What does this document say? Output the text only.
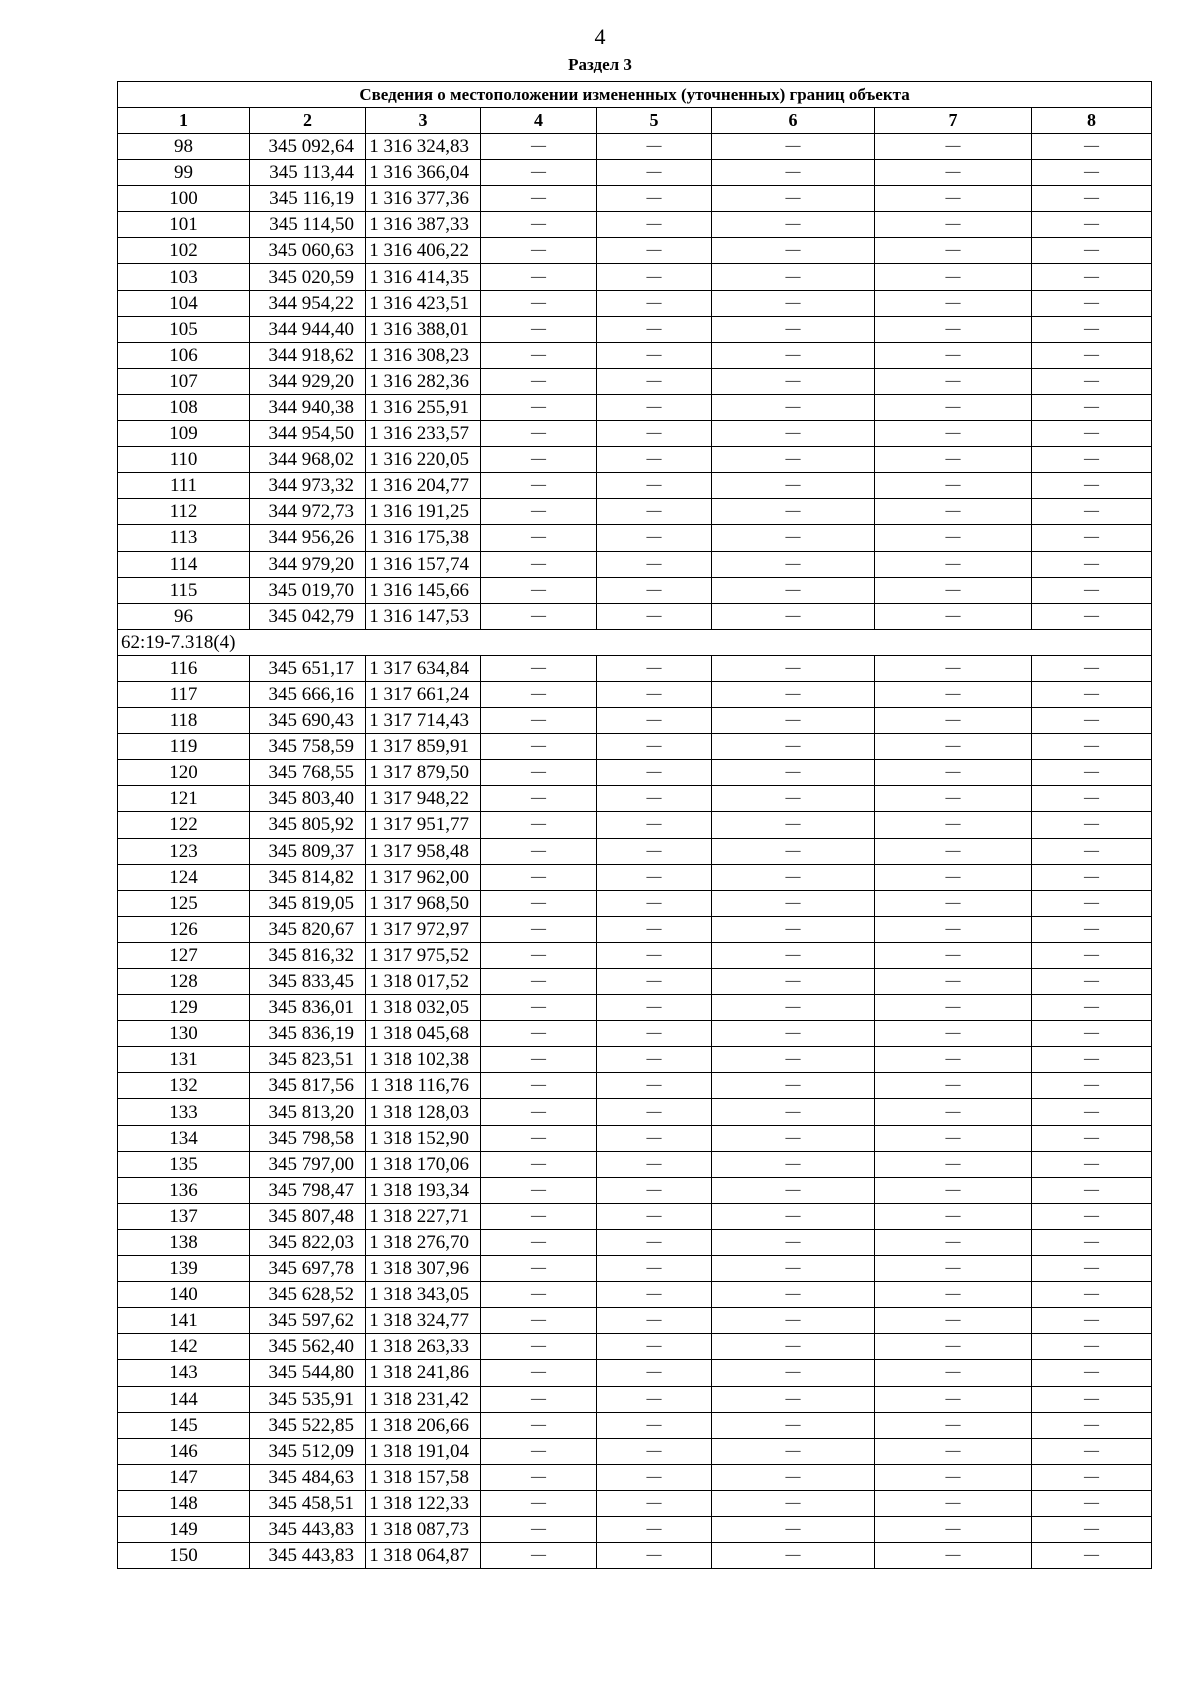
4
Раздел 3
Сведения о местоположении измененных (уточненных) границ объекта							
1	2	3	4	5	6	7	8
98	345 092,64	1 316 324,83	—	—	—	—	—
99	345 113,44	1 316 366,04	—	—	—	—	—
100	345 116,19	1 316 377,36	—	—	—	—	—
101	345 114,50	1 316 387,33	—	—	—	—	—
102	345 060,63	1 316 406,22	—	—	—	—	—
103	345 020,59	1 316 414,35	—	—	—	—	—
104	344 954,22	1 316 423,51	—	—	—	—	—
105	344 944,40	1 316 388,01	—	—	—	—	—
106	344 918,62	1 316 308,23	—	—	—	—	—
107	344 929,20	1 316 282,36	—	—	—	—	—
108	344 940,38	1 316 255,91	—	—	—	—	—
109	344 954,50	1 316 233,57	—	—	—	—	—
110	344 968,02	1 316 220,05	—	—	—	—	—
111	344 973,32	1 316 204,77	—	—	—	—	—
112	344 972,73	1 316 191,25	—	—	—	—	—
113	344 956,26	1 316 175,38	—	—	—	—	—
114	344 979,20	1 316 157,74	—	—	—	—	—
115	345 019,70	1 316 145,66	—	—	—	—	—
96	345 042,79	1 316 147,53	—	—	—	—	—
62:19-7.318(4)							
116	345 651,17	1 317 634,84	—	—	—	—	—
117	345 666,16	1 317 661,24	—	—	—	—	—
118	345 690,43	1 317 714,43	—	—	—	—	—
119	345 758,59	1 317 859,91	—	—	—	—	—
120	345 768,55	1 317 879,50	—	—	—	—	—
121	345 803,40	1 317 948,22	—	—	—	—	—
122	345 805,92	1 317 951,77	—	—	—	—	—
123	345 809,37	1 317 958,48	—	—	—	—	—
124	345 814,82	1 317 962,00	—	—	—	—	—
125	345 819,05	1 317 968,50	—	—	—	—	—
126	345 820,67	1 317 972,97	—	—	—	—	—
127	345 816,32	1 317 975,52	—	—	—	—	—
128	345 833,45	1 318 017,52	—	—	—	—	—
129	345 836,01	1 318 032,05	—	—	—	—	—
130	345 836,19	1 318 045,68	—	—	—	—	—
131	345 823,51	1 318 102,38	—	—	—	—	—
132	345 817,56	1 318 116,76	—	—	—	—	—
133	345 813,20	1 318 128,03	—	—	—	—	—
134	345 798,58	1 318 152,90	—	—	—	—	—
135	345 797,00	1 318 170,06	—	—	—	—	—
136	345 798,47	1 318 193,34	—	—	—	—	—
137	345 807,48	1 318 227,71	—	—	—	—	—
138	345 822,03	1 318 276,70	—	—	—	—	—
139	345 697,78	1 318 307,96	—	—	—	—	—
140	345 628,52	1 318 343,05	—	—	—	—	—
141	345 597,62	1 318 324,77	—	—	—	—	—
142	345 562,40	1 318 263,33	—	—	—	—	—
143	345 544,80	1 318 241,86	—	—	—	—	—
144	345 535,91	1 318 231,42	—	—	—	—	—
145	345 522,85	1 318 206,66	—	—	—	—	—
146	345 512,09	1 318 191,04	—	—	—	—	—
147	345 484,63	1 318 157,58	—	—	—	—	—
148	345 458,51	1 318 122,33	—	—	—	—	—
149	345 443,83	1 318 087,73	—	—	—	—	—
150	345 443,83	1 318 064,87	—	—	—	—	—
